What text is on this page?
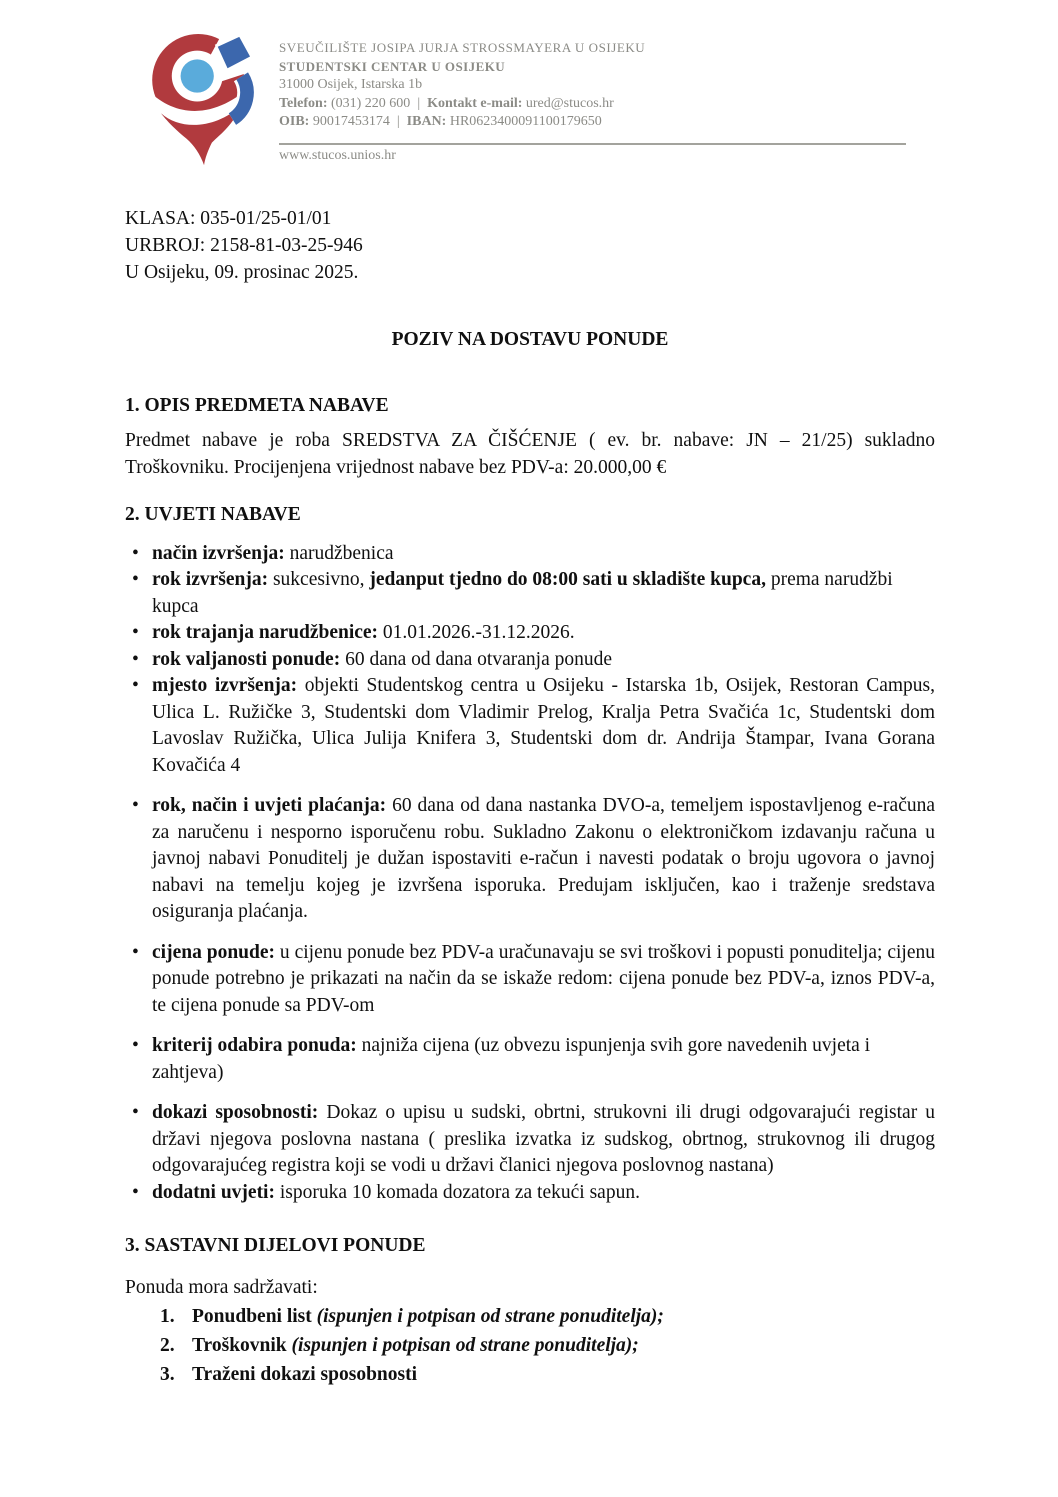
SVEUČILIŠTE JOSIPA JURJA STROSSMAYERA U OSIJEKU
STUDENTSKI CENTAR U OSIJEKU
31000 Osijek, Istarska 1b
Telefon: (031) 220 600 | Kontakt e-mail: ured@stucos.hr
OIB: 90017453174 | IBAN: HR0623400091100179650
www.stucos.unios.hr
KLASA: 035-01/25-01/01
URBROJ: 2158-81-03-25-946
U Osijeku, 09. prosinac 2025.
POZIV NA DOSTAVU PONUDE
1. OPIS PREDMETA NABAVE

Predmet nabave je roba SREDSTVA ZA ČIŠĆENJE ( ev. br. nabave: JN – 21/25) sukladno Troškovniku. Procijenjena vrijednost nabave bez PDV-a: 20.000,00 €

2. UVJETI NABAVE
• način izvršenja: narudžbenica
• rok izvršenja: sukcesivno, jedanput tjedno do 08:00 sati u skladište kupca, prema narudžbi kupca
• rok trajanja narudžbenice: 01.01.2026.-31.12.2026.
• rok valjanosti ponude: 60 dana od dana otvaranja ponude
• mjesto izvršenja: objekti Studentskog centra u Osijeku - Istarska 1b, Osijek, Restoran Campus, Ulica L. Ružičke 3, Studentski dom Vladimir Prelog, Kralja Petra Svačića 1c, Studentski dom Lavoslav Ružička, Ulica Julija Knifera 3, Studentski dom dr. Andrija Štampar, Ivana Gorana Kovačića 4
• rok, način i uvjeti plaćanja: 60 dana od dana nastanka DVO-a, temeljem ispostavljenog e-računa za naručenu i nesporno isporučenu robu. Sukladno Zakonu o elektroničkom izdavanju računa u javnoj nabavi Ponuditelj je dužan ispostaviti e-račun i navesti podatak o broju ugovora o javnoj nabavi na temelju kojeg je izvršena isporuka. Predujam isključen, kao i traženje sredstava osiguranja plaćanja.
• cijena ponude: u cijenu ponude bez PDV-a uračunavaju se svi troškovi i popusti ponuditelja; cijenu ponude potrebno je prikazati na način da se iskaže redom: cijena ponude bez PDV-a, iznos PDV-a, te cijena ponude sa PDV-om
• kriterij odabira ponuda: najniža cijena (uz obvezu ispunjenja svih gore navedenih uvjeta i zahtjeva)
• dokazi sposobnosti: Dokaz o upisu u sudski, obrtni, strukovni ili drugi odgovarajući registar u državi njegova poslovna nastana ( preslika izvatka iz sudskog, obrtnog, strukovnog ili drugog odgovarajućeg registra koji se vodi u državi članici njegova poslovnog nastana)
• dodatni uvjeti: isporuka 10 komada dozatora za tekući sapun.
3. SASTAVNI DIJELOVI PONUDE
Ponuda mora sadržavati:
1. Ponudbeni list (ispunjen i potpisan od strane ponuditelja);
2. Troškovnik (ispunjen i potpisan od strane ponuditelja);
3. Traženi dokazi sposobnosti
